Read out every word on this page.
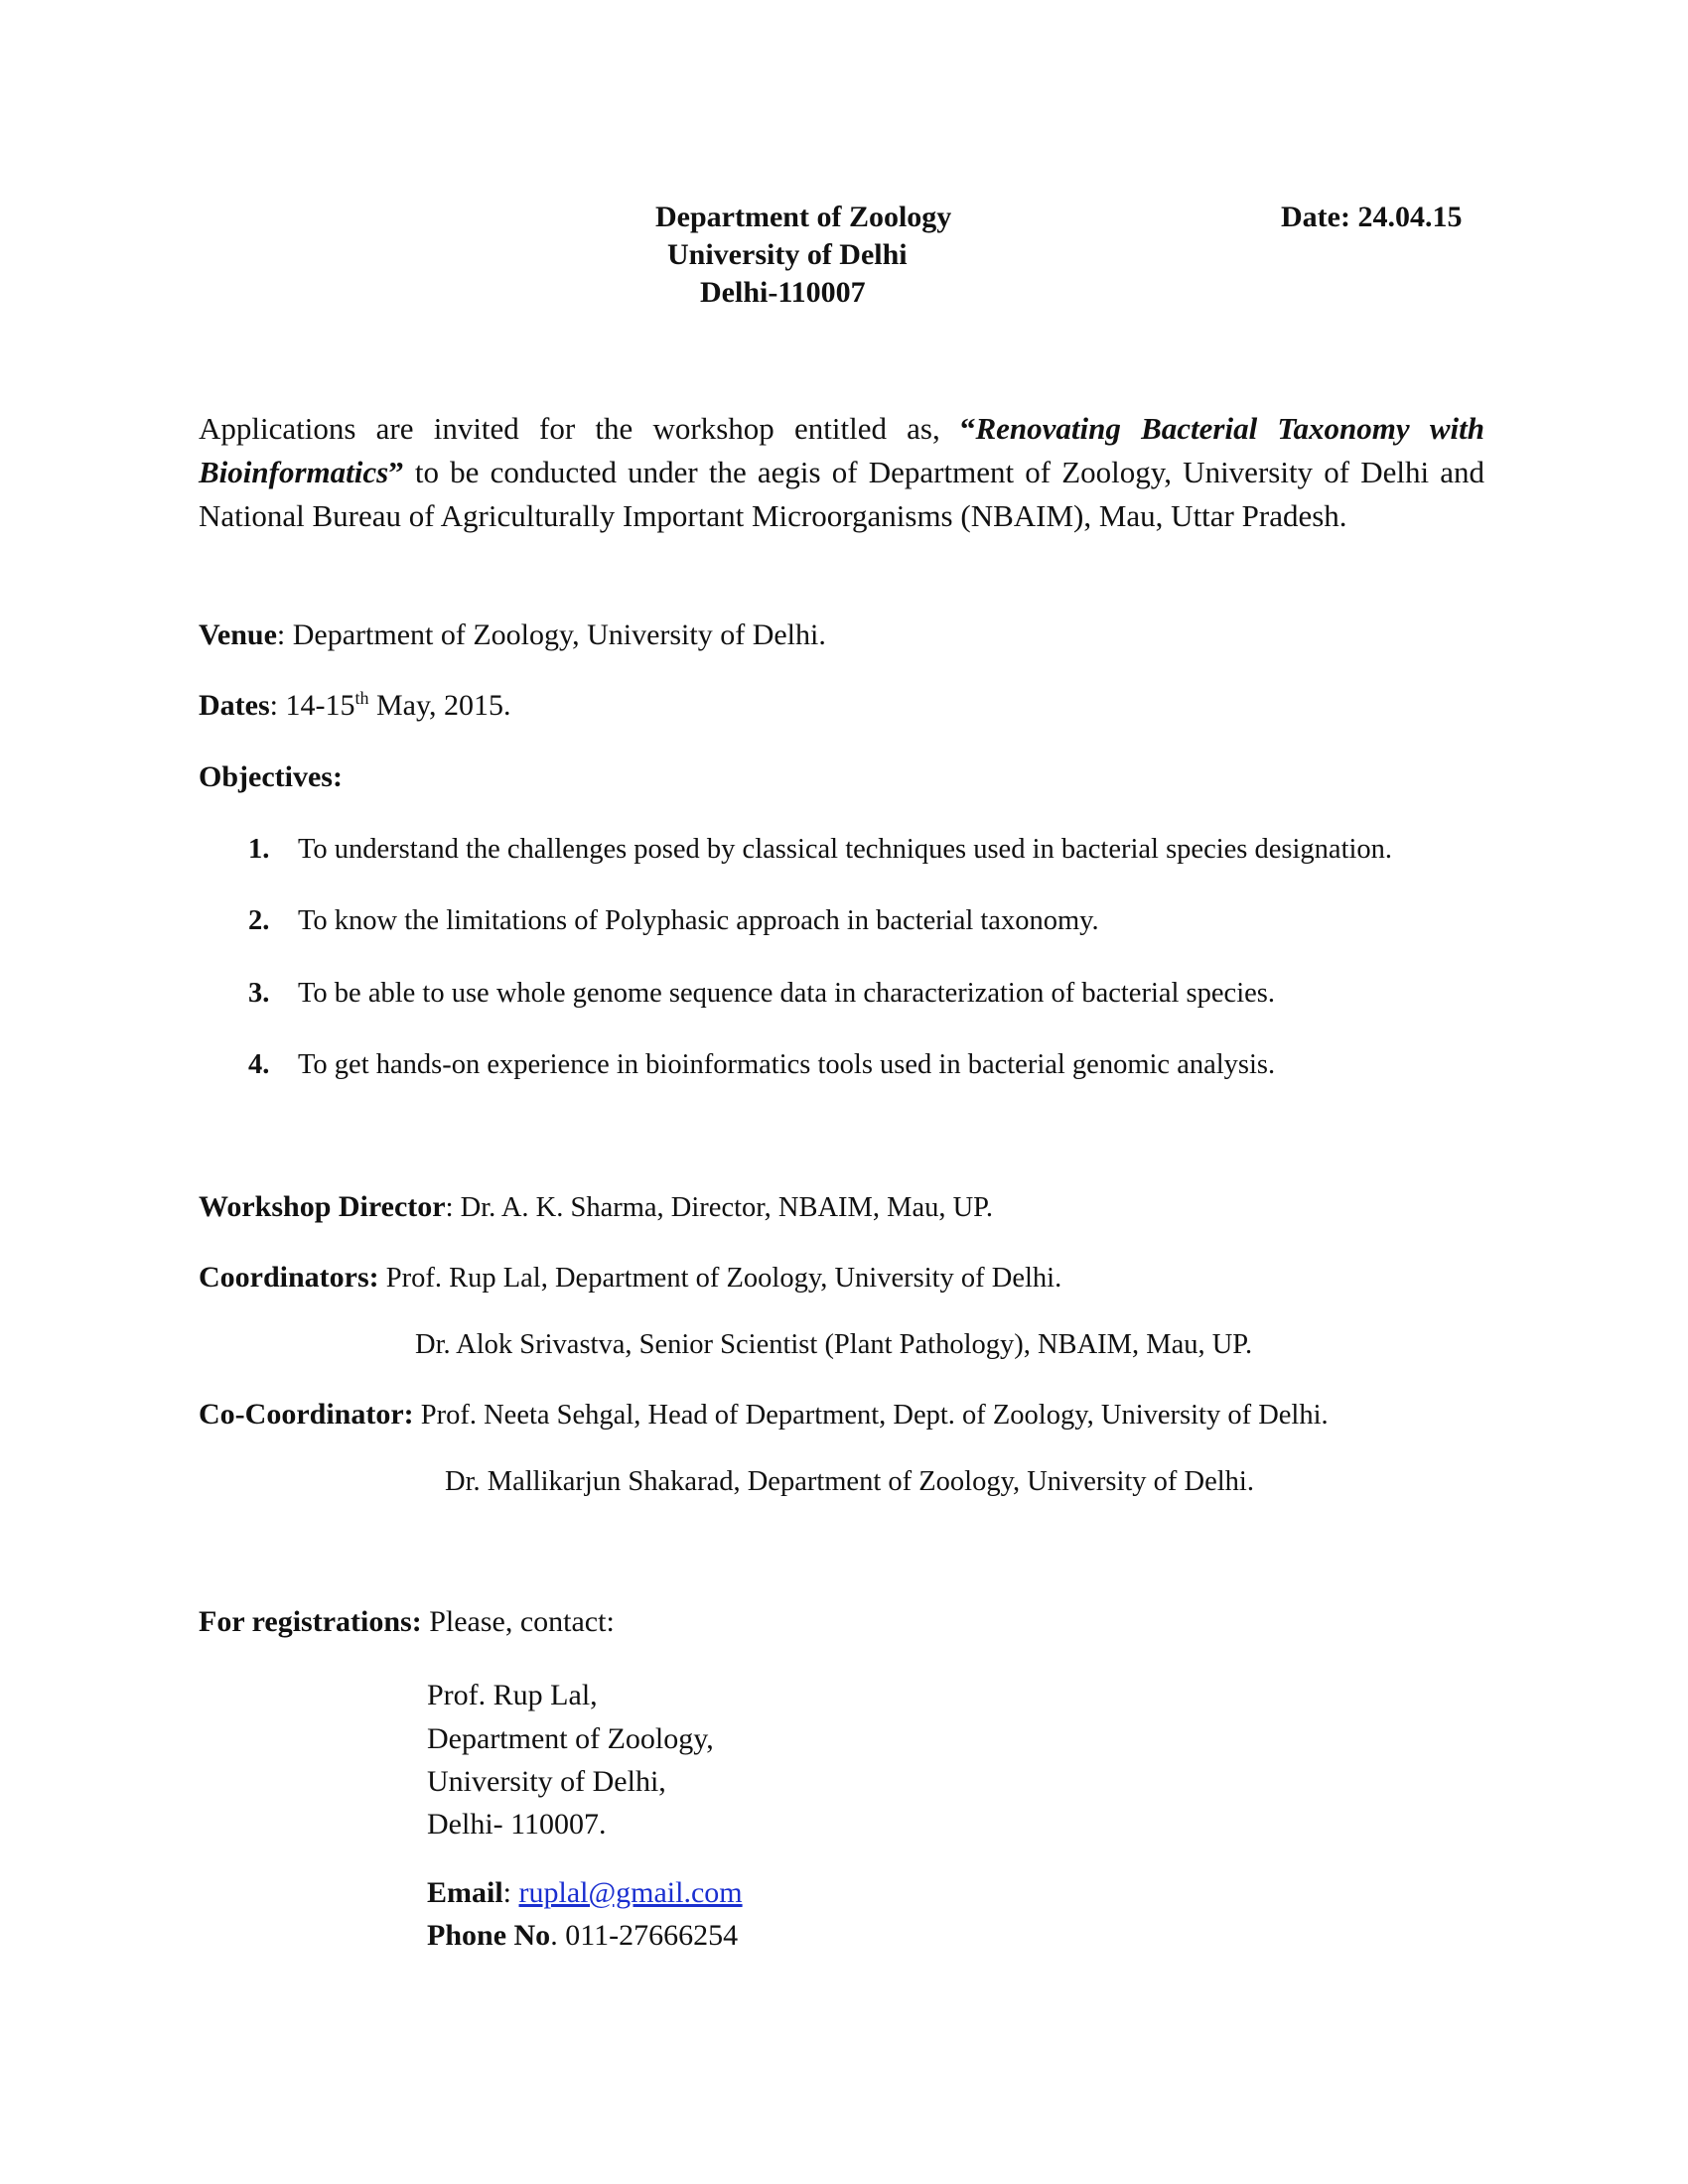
Department of Zoology
University of Delhi
Delhi-110007
Date: 24.04.15
Applications are invited for the workshop entitled as, “Renovating Bacterial Taxonomy with Bioinformatics” to be conducted under the aegis of Department of Zoology, University of Delhi and National Bureau of Agriculturally Important Microorganisms (NBAIM), Mau, Uttar Pradesh.
Venue: Department of Zoology, University of Delhi.
Dates: 14-15th May, 2015.
Objectives:
1. To understand the challenges posed by classical techniques used in bacterial species designation.
2. To know the limitations of Polyphasic approach in bacterial taxonomy.
3. To be able to use whole genome sequence data in characterization of bacterial species.
4. To get hands-on experience in bioinformatics tools used in bacterial genomic analysis.
Workshop Director: Dr. A. K. Sharma, Director, NBAIM, Mau, UP.
Coordinators: Prof. Rup Lal, Department of Zoology, University of Delhi.
Dr. Alok Srivastva, Senior Scientist (Plant Pathology), NBAIM, Mau, UP.
Co-Coordinator: Prof. Neeta Sehgal, Head of Department, Dept. of Zoology, University of Delhi.
Dr. Mallikarjun Shakarad, Department of Zoology, University of Delhi.
For registrations: Please, contact:
Prof. Rup Lal,
Department of Zoology,
University of Delhi,
Delhi- 110007.
Email: ruplal@gmail.com
Phone No. 011-27666254
